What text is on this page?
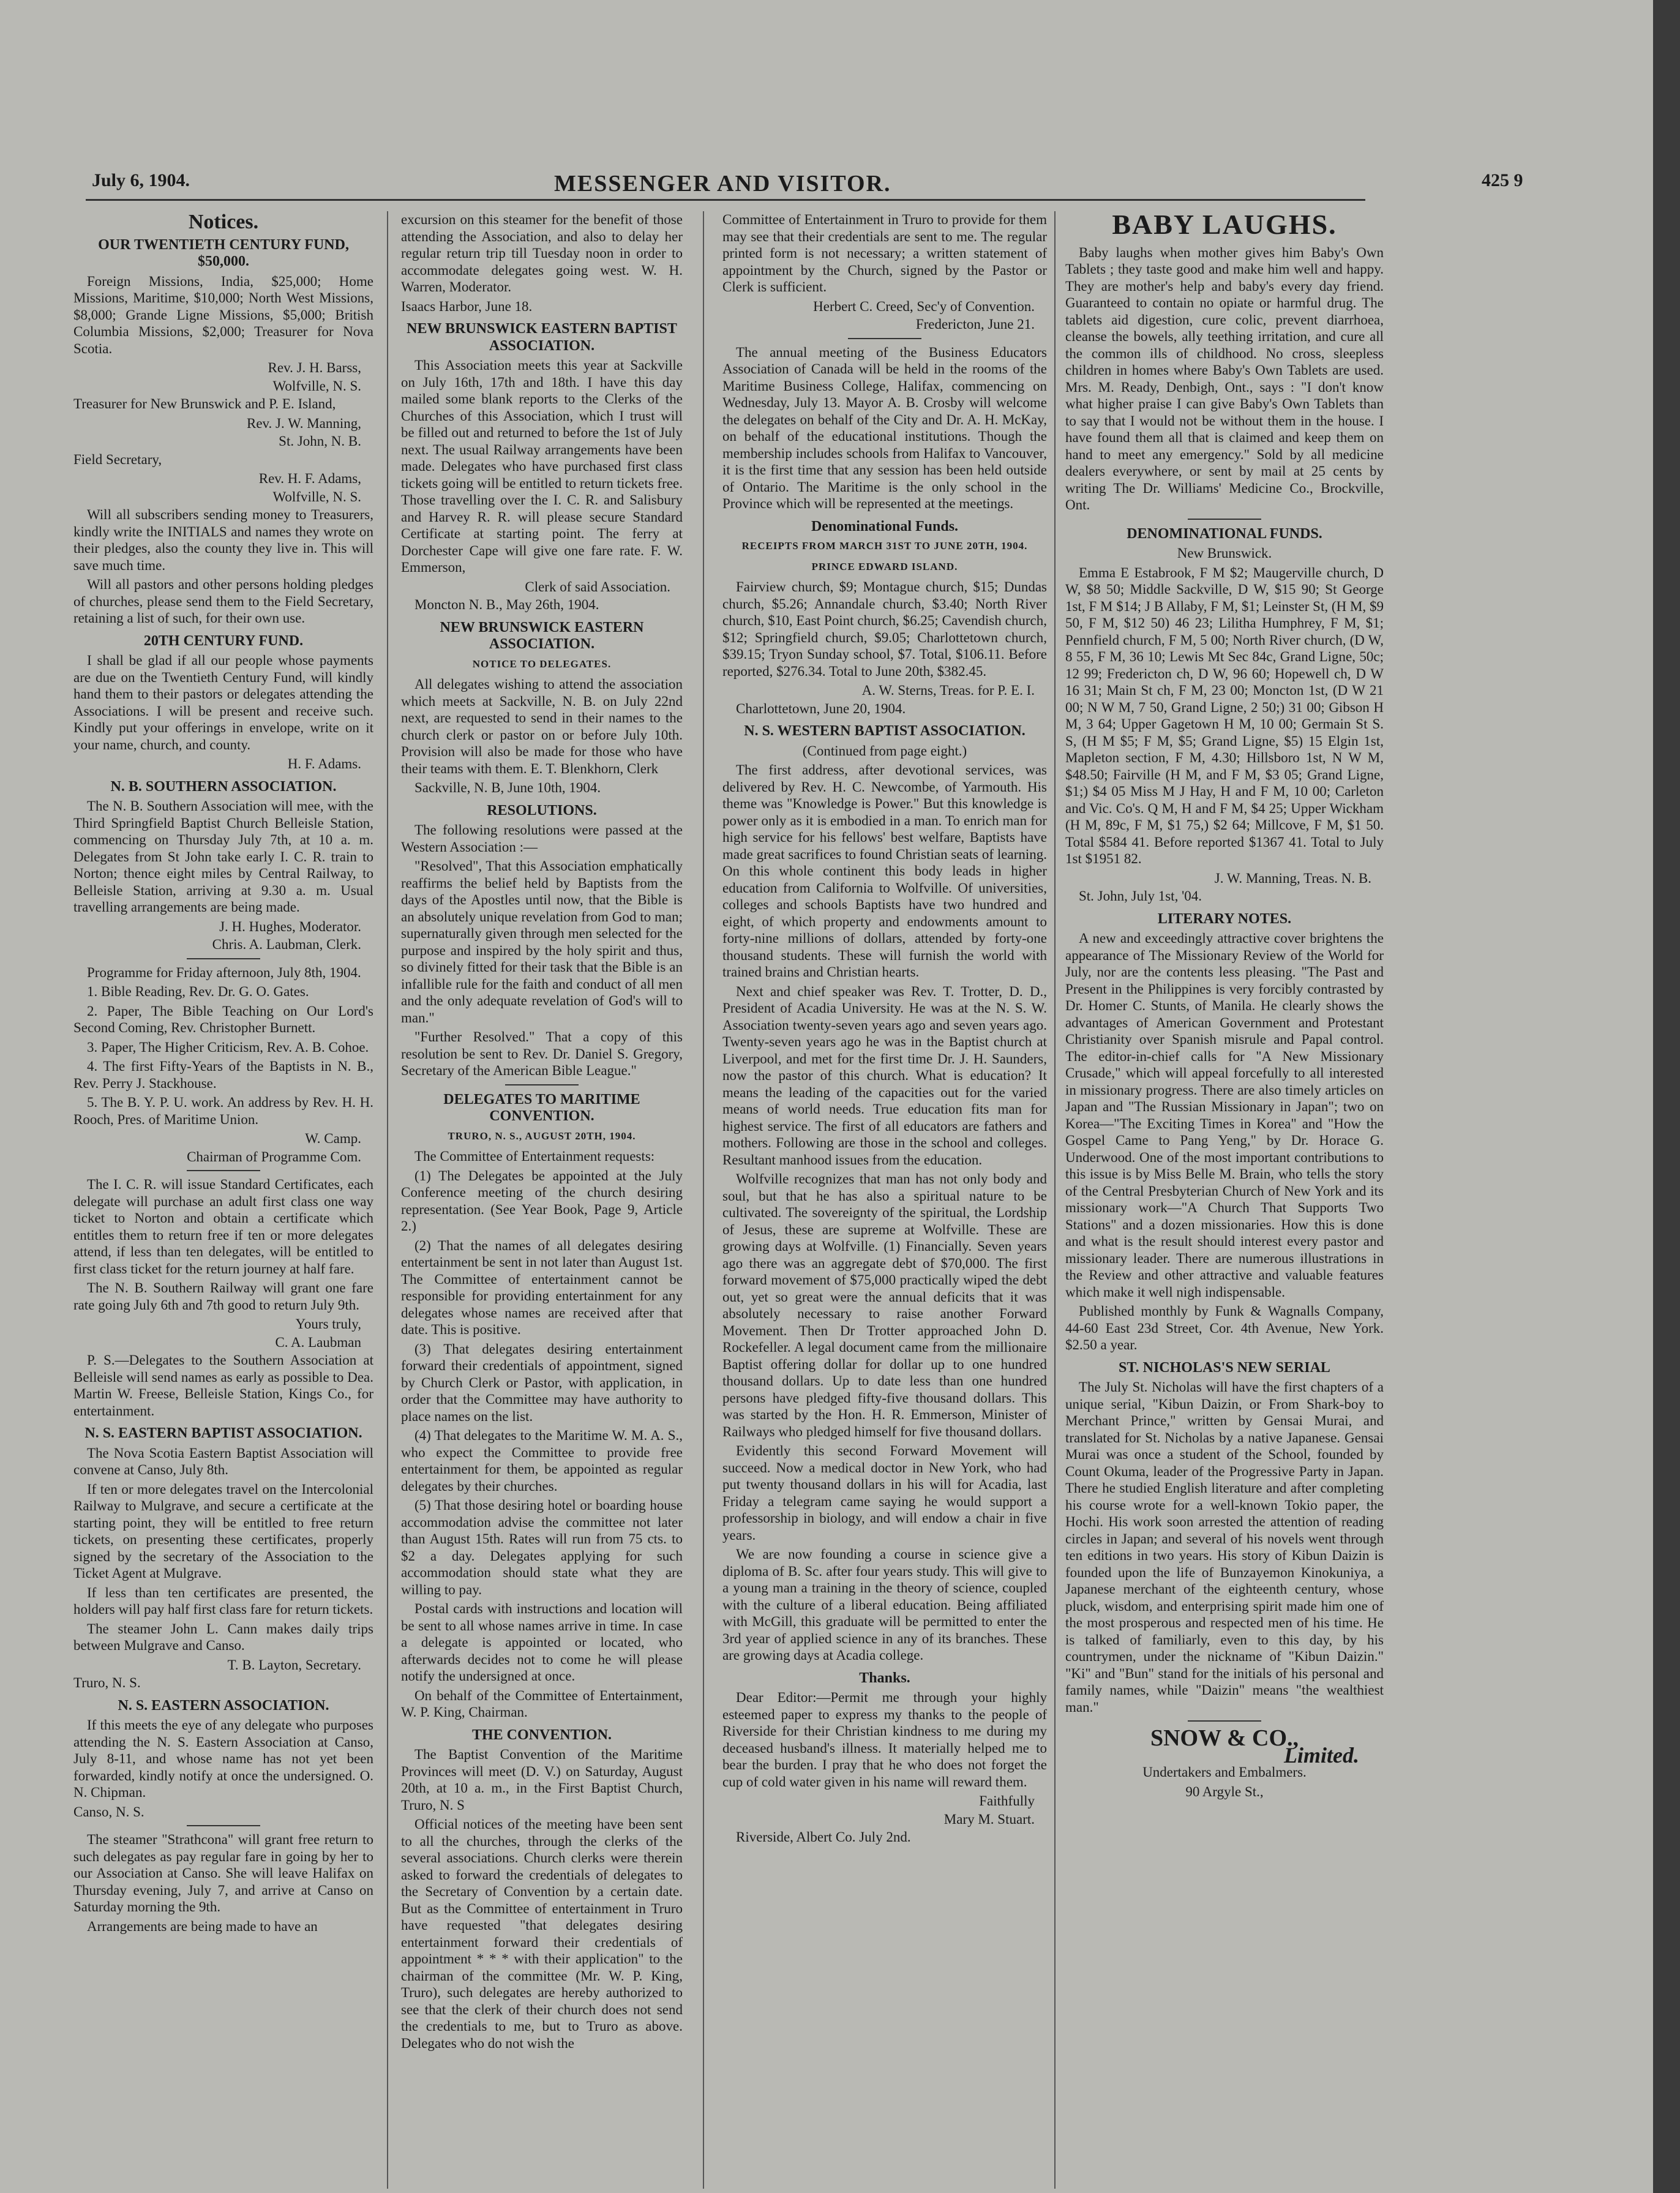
July 6, 1904.	MESSENGER AND VISITOR.	425 9
Notices.
OUR TWENTIETH CENTURY FUND, $50,000.

Foreign Missions, India, $25,000; Home Missions, Maritime, $10,000; North West Missions, $8,000; Grande Ligne Missions, $5,000; British Columbia Missions, $2,000; Treasurer for Nova Scotia.

Rev. J. H. Barss,

Wolfville, N. S.

Treasurer for New Brunswick and P. E. Island,

Rev. J. W. Manning,

St. John, N. B.

Field Secretary,

Rev. H. F. Adams,

Wolfville, N. S.

Will all subscribers sending money to Treasurers, kindly write the INITIALS and names they wrote on their pledges, also the county they live in. This will save much time.

Will all pastors and other persons holding pledges of churches, please send them to the Field Secretary, retaining a list of such, for their own use.

20TH CENTURY FUND.

I shall be glad if all our people whose payments are due on the Twentieth Century Fund, will kindly hand them to their pastors or delegates attending the Associations. I will be present and receive such. Kindly put your offerings in envelope, write on it your name, church, and county.

H. F. Adams.

N. B. SOUTHERN ASSOCIATION.

The N. B. Southern Association will mee, with the Third Springfield Baptist Church Belleisle Station, commencing on Thursday July 7th, at 10 a. m. Delegates from St John take early I. C. R. train to Norton; thence eight miles by Central Railway, to Belleisle Station, arriving at 9.30 a. m. Usual travelling arrangements are being made.

J. H. Hughes, Moderator.

Chris. A. Laubman, Clerk.

Programme for Friday afternoon, July 8th, 1904.

1. Bible Reading, Rev. Dr. G. O. Gates.

2. Paper, The Bible Teaching on Our Lord's Second Coming, Rev. Christopher Burnett.

3. Paper, The Higher Criticism, Rev. A. B. Cohoe.

4. The first Fifty-Years of the Baptists in N. B., Rev. Perry J. Stackhouse.

5. The B. Y. P. U. work. An address by Rev. H. H. Rooch, Pres. of Maritime Union.

W. Camp.

Chairman of Programme Com.

The I. C. R. will issue Standard Certificates, each delegate will purchase an adult first class one way ticket to Norton and obtain a certificate which entitles them to return free if ten or more delegates attend, if less than ten delegates, will be entitled to first class ticket for the return journey at half fare.

The N. B. Southern Railway will grant one fare rate going July 6th and 7th good to return July 9th.

Yours truly,

C. A. Laubman

P. S.—Delegates to the Southern Association at Belleisle will send names as early as possible to Dea. Martin W. Freese, Belleisle Station, Kings Co., for entertainment.

N. S. EASTERN BAPTIST ASSOCIATION.

The Nova Scotia Eastern Baptist Association will convene at Canso, July 8th.

If ten or more delegates travel on the Intercolonial Railway to Mulgrave, and secure a certificate at the starting point, they will be entitled to free return tickets, on presenting these certificates, properly signed by the secretary of the Association to the Ticket Agent at Mulgrave.

If less than ten certificates are presented, the holders will pay half first class fare for return tickets.

The steamer John L. Cann makes daily trips between Mulgrave and Canso.

T. B. Layton, Secretary.

Truro, N. S.

N. S. EASTERN ASSOCIATION.

If this meets the eye of any delegate who purposes attending the N. S. Eastern Association at Canso, July 8-11, and whose name has not yet been forwarded, kindly notify at once the undersigned. O. N. Chipman.

Canso, N. S.

The steamer "Strathcona" will grant free return to such delegates as pay regular fare in going by her to our Association at Canso. She will leave Halifax on Thursday evening, July 7, and arrive at Canso on Saturday morning the 9th.

Arrangements are being made to have an

excursion on this steamer for the benefit of those attending the Association, and also to delay her regular return trip till Tuesday noon in order to accommodate delegates going west. W. H. Warren, Moderator.

Isaacs Harbor, June 18.

NEW BRUNSWICK EASTERN BAPTIST ASSOCIATION.

This Association meets this year at Sackville on July 16th, 17th and 18th. I have this day mailed some blank reports to the Clerks of the Churches of this Association, which I trust will be filled out and returned to before the 1st of July next. The usual Railway arrangements have been made. Delegates who have purchased first class tickets going will be entitled to return tickets free. Those travelling over the I. C. R. and Salisbury and Harvey R. R. will please secure Standard Certificate at starting point. The ferry at Dorchester Cape will give one fare rate. F. W. Emmerson,

Clerk of said Association.

Moncton N. B., May 26th, 1904.

NEW BRUNSWICK EASTERN ASSOCIATION.
NOTICE TO DELEGATES.

All delegates wishing to attend the association which meets at Sackville, N. B. on July 22nd next, are requested to send in their names to the church clerk or pastor on or before July 10th. Provision will also be made for those who have their teams with them. E. T. Blenkhorn, Clerk

Sackville, N. B, June 10th, 1904.

RESOLUTIONS.

The following resolutions were passed at the Western Association :—

"Resolved", That this Association emphatically reaffirms the belief held by Baptists from the days of the Apostles until now, that the Bible is an absolutely unique revelation from God to man; supernaturally given through men selected for the purpose and inspired by the holy spirit and thus, so divinely fitted for their task that the Bible is an infallible rule for the faith and conduct of all men and the only adequate revelation of God's will to man."

"Further Resolved." That a copy of this resolution be sent to Rev. Dr. Daniel S. Gregory, Secretary of the American Bible League."

DELEGATES TO MARITIME CONVENTION.
TRURO, N. S., AUGUST 20TH, 1904.

The Committee of Entertainment requests:

(1) The Delegates be appointed at the July Conference meeting of the church desiring representation. (See Year Book, Page 9, Article 2.)

(2) That the names of all delegates desiring entertainment be sent in not later than August 1st. The Committee of entertainment cannot be responsible for providing entertainment for any delegates whose names are received after that date. This is positive.

(3) That delegates desiring entertainment forward their credentials of appointment, signed by Church Clerk or Pastor, with application, in order that the Committee may have authority to place names on the list.

(4) That delegates to the Maritime W. M. A. S., who expect the Committee to provide free entertainment for them, be appointed as regular delegates by their churches.

(5) That those desiring hotel or boarding house accommodation advise the committee not later than August 15th. Rates will run from 75 cts. to $2 a day. Delegates applying for such accommodation should state what they are willing to pay.

Postal cards with instructions and location will be sent to all whose names arrive in time. In case a delegate is appointed or located, who afterwards decides not to come he will please notify the undersigned at once.

On behalf of the Committee of Entertainment, W. P. King, Chairman.

THE CONVENTION.

The Baptist Convention of the Maritime Provinces will meet (D. V.) on Saturday, August 20th, at 10 a. m., in the First Baptist Church, Truro, N. S

Official notices of the meeting have been sent to all the churches, through the clerks of the several associations. Church clerks were therein asked to forward the credentials of delegates to the Secretary of Convention by a certain date. But as the Committee of entertainment in Truro have requested "that delegates desiring entertainment forward their credentials of appointment * * * with their application" to the chairman of the committee (Mr. W. P. King, Truro), such delegates are hereby authorized to see that the clerk of their church does not send the credentials to me, but to Truro as above. Delegates who do not wish the

Committee of Entertainment in Truro to provide for them may see that their credentials are sent to me. The regular printed form is not necessary; a written statement of appointment by the Church, signed by the Pastor or Clerk is sufficient.

Herbert C. Creed, Sec'y of Convention.

Fredericton, June 21.

The annual meeting of the Business Educators Association of Canada will be held in the rooms of the Maritime Business College, Halifax, commencing on Wednesday, July 13. Mayor A. B. Crosby will welcome the delegates on behalf of the City and Dr. A. H. McKay, on behalf of the educational institutions. Though the membership includes schools from Halifax to Vancouver, it is the first time that any session has been held outside of Ontario. The Maritime is the only school in the Province which will be represented at the meetings.

Denominational Funds.
RECEIPTS FROM MARCH 31ST TO JUNE 20TH, 1904.
PRINCE EDWARD ISLAND.

Fairview church, $9; Montague church, $15; Dundas church, $5.26; Annandale church, $3.40; North River church, $10, East Point church, $6.25; Cavendish church, $12; Springfield church, $9.05; Charlottetown church, $39.15; Tryon Sunday school, $7. Total, $106.11. Before reported, $276.34. Total to June 20th, $382.45.

A. W. Sterns, Treas. for P. E. I.

Charlottetown, June 20, 1904.

N. S. WESTERN BAPTIST ASSOCIATION.

(Continued from page eight.)

The first address, after devotional services, was delivered by Rev. H. C. Newcombe, of Yarmouth. His theme was "Knowledge is Power." But this knowledge is power only as it is embodied in a man. To enrich man for high service for his fellows' best welfare, Baptists have made great sacrifices to found Christian seats of learning. On this whole continent this body leads in higher education from California to Wolfville. Of universities, colleges and schools Baptists have two hundred and eight, of which property and endowments amount to forty-nine millions of dollars, attended by forty-one thousand students. These will furnish the world with trained brains and Christian hearts.

Next and chief speaker was Rev. T. Trotter, D. D., President of Acadia University. He was at the N. S. W. Association twenty-seven years ago and seven years ago. Twenty-seven years ago he was in the Baptist church at Liverpool, and met for the first time Dr. J. H. Saunders, now the pastor of this church. What is education? It means the leading of the capacities out for the varied means of world needs. True education fits man for highest service. The first of all educators are fathers and mothers. Following are those in the school and colleges. Resultant manhood issues from the education.

Wolfville recognizes that man has not only body and soul, but that he has also a spiritual nature to be cultivated. The sovereignty of the spiritual, the Lordship of Jesus, these are supreme at Wolfville. These are growing days at Wolfville. (1) Financially. Seven years ago there was an aggregate debt of $70,000. The first forward movement of $75,000 practically wiped the debt out, yet so great were the annual deficits that it was absolutely necessary to raise another Forward Movement. Then Dr Trotter approached John D. Rockefeller. A legal document came from the millionaire Baptist offering dollar for dollar up to one hundred thousand dollars. Up to date less than one hundred persons have pledged fifty-five thousand dollars. This was started by the Hon. H. R. Emmerson, Minister of Railways who pledged himself for five thousand dollars.

Evidently this second Forward Movement will succeed. Now a medical doctor in New York, who had put twenty thousand dollars in his will for Acadia, last Friday a telegram came saying he would support a professorship in biology, and will endow a chair in five years.

We are now founding a course in science give a diploma of B. Sc. after four years study. This will give to a young man a training in the theory of science, coupled with the culture of a liberal education. Being affiliated with McGill, this graduate will be permitted to enter the 3rd year of applied science in any of its branches. These are growing days at Acadia college.

Thanks.

Dear Editor:—Permit me through your highly esteemed paper to express my thanks to the people of Riverside for their Christian kindness to me during my deceased husband's illness. It materially helped me to bear the burden. I pray that he who does not forget the cup of cold water given in his name will reward them.

Faithfully

Mary M. Stuart.

Riverside, Albert Co. July 2nd.

BABY LAUGHS.

Baby laughs when mother gives him Baby's Own Tablets ; they taste good and make him well and happy. They are mother's help and baby's every day friend. Guaranteed to contain no opiate or harmful drug. The tablets aid digestion, cure colic, prevent diarrhoea, cleanse the bowels, ally teething irritation, and cure all the common ills of childhood. No cross, sleepless children in homes where Baby's Own Tablets are used. Mrs. M. Ready, Denbigh, Ont., says : "I don't know what higher praise I can give Baby's Own Tablets than to say that I would not be without them in the house. I have found them all that is claimed and keep them on hand to meet any emergency." Sold by all medicine dealers everywhere, or sent by mail at 25 cents by writing The Dr. Williams' Medicine Co., Brockville, Ont.

DENOMINATIONAL FUNDS.

New Brunswick.

Emma E Estabrook, F M $2; Maugerville church, D W, $8 50; Middle Sackville, D W, $15 90; St George 1st, F M $14; J B Allaby, F M, $1; Leinster St, (H M, $9 50, F M, $12 50) 46 23; Lilitha Humphrey, F M, $1; Pennfield church, F M, 5 00; North River church, (D W, 8 55, F M, 36 10; Lewis Mt Sec 84c, Grand Ligne, 50c; 12 99; Fredericton ch, D W, 96 60; Hopewell ch, D W 16 31; Main St ch, F M, 23 00; Moncton 1st, (D W 21 00; N W M, 7 50, Grand Ligne, 2 50;) 31 00; Gibson H M, 3 64; Upper Gagetown H M, 10 00; Germain St S. S, (H M $5; F M, $5; Grand Ligne, $5) 15 Elgin 1st, Mapleton section, F M, 4.30; Hillsboro 1st, N W M, $48.50; Fairville (H M, and F M, $3 05; Grand Ligne, $1;) $4 05 Miss M J Hay, H and F M, 10 00; Carleton and Vic. Co's. Q M, H and F M, $4 25; Upper Wickham (H M, 89c, F M, $1 75,) $2 64; Millcove, F M, $1 50. Total $584 41. Before reported $1367 41. Total to July 1st $1951 82.

J. W. Manning, Treas. N. B.

St. John, July 1st, '04.

LITERARY NOTES.

A new and exceedingly attractive cover brightens the appearance of The Missionary Review of the World for July, nor are the contents less pleasing. "The Past and Present in the Philippines is very forcibly contrasted by Dr. Homer C. Stunts, of Manila. He clearly shows the advantages of American Government and Protestant Christianity over Spanish misrule and Papal control. The editor-in-chief calls for "A New Missionary Crusade," which will appeal forcefully to all interested in missionary progress. There are also timely articles on Japan and "The Russian Missionary in Japan"; two on Korea—"The Exciting Times in Korea" and "How the Gospel Came to Pang Yeng," by Dr. Horace G. Underwood. One of the most important contributions to this issue is by Miss Belle M. Brain, who tells the story of the Central Presbyterian Church of New York and its missionary work—"A Church That Supports Two Stations" and a dozen missionaries. How this is done and what is the result should interest every pastor and missionary leader. There are numerous illustrations in the Review and other attractive and valuable features which make it well nigh indispensable.

Published monthly by Funk & Wagnalls Company, 44-60 East 23d Street, Cor. 4th Avenue, New York. $2.50 a year.

ST. NICHOLAS'S NEW SERIAL

The July St. Nicholas will have the first chapters of a unique serial, "Kibun Daizin, or From Shark-boy to Merchant Prince," written by Gensai Murai, and translated for St. Nicholas by a native Japanese. Gensai Murai was once a student of the School, founded by Count Okuma, leader of the Progressive Party in Japan. There he studied English literature and after completing his course wrote for a well-known Tokio paper, the Hochi. His work soon arrested the attention of reading circles in Japan; and several of his novels went through ten editions in two years. His story of Kibun Daizin is founded upon the life of Bunzayemon Kinokuniya, a Japanese merchant of the eighteenth century, whose pluck, wisdom, and enterprising spirit made him one of the most prosperous and respected men of his time. He is talked of familiarly, even to this day, by his countrymen, under the nickname of "Kibun Daizin." "Ki" and "Bun" stand for the initials of his personal and family names, while "Daizin" means "the wealthiest man."

SNOW & CO.,
Limited.

Undertakers and Embalmers.

90 Argyle St.,
